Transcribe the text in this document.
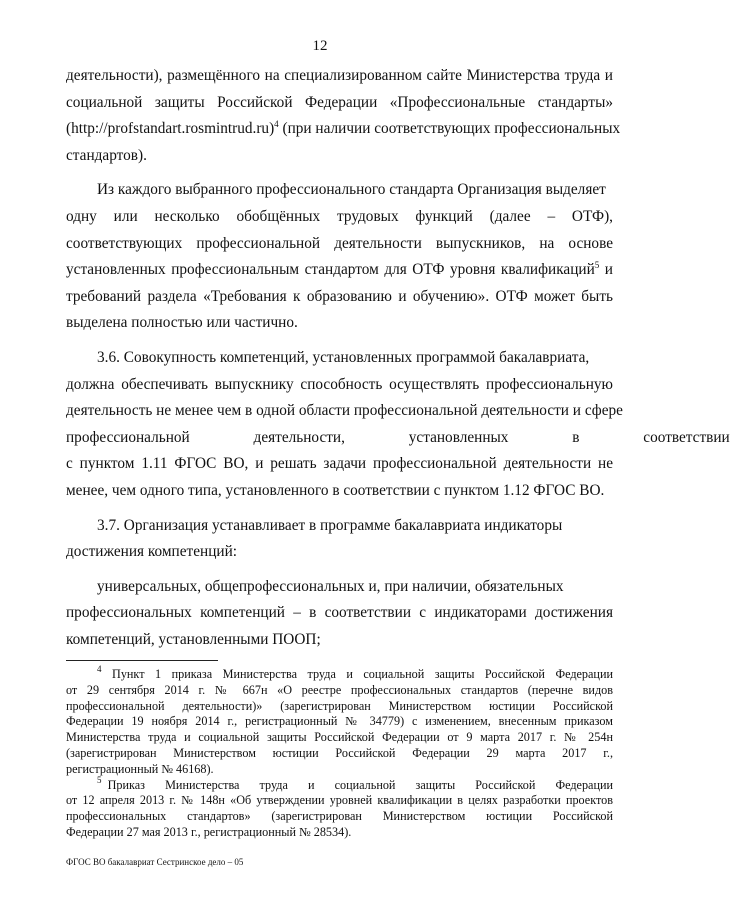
12
деятельности), размещённого на специализированном сайте Министерства труда и
социальной защиты Российской Федерации «Профессиональные стандарты»
(http://profstandart.rosmintrud.ru)$^4$ (при наличии соответствующих профессиональных
стандартов).
Из каждого выбранного профессионального стандарта Организация выделяет
одну или несколько обобщённых трудовых функций (далее – ОТФ),
соответствующих профессиональной деятельности выпускников, на основе
установленных профессиональным стандартом для ОТФ уровня квалификаций$^5$ и
требований раздела «Требования к образованию и обучению». ОТФ может быть
выделена полностью или частично.
3.6. Совокупность компетенций, установленных программой бакалавриата,
должна обеспечивать выпускнику способность осуществлять профессиональную
деятельность не менее чем в одной области профессиональной деятельности и сфере
профессиональной деятельности, установленных в соответствии
с пунктом 1.11 ФГОС ВО, и решать задачи профессиональной деятельности не
менее, чем одного типа, установленного в соответствии с пунктом 1.12 ФГОС ВО.
3.7. Организация устанавливает в программе бакалавриата индикаторы
достижения компетенций:
универсальных, общепрофессиональных и, при наличии, обязательных
профессиональных компетенций – в соответствии с индикаторами достижения
компетенций, установленными ПООП;
$^4$ Пункт 1 приказа Министерства труда и социальной защиты Российской Федерации
от 29 сентября 2014 г. № 667н «О реестре профессиональных стандартов (перечне видов
профессиональной деятельности)» (зарегистрирован Министерством юстиции Российской
Федерации 19 ноября 2014 г., регистрационный № 34779) с изменением, внесенным приказом
Министерства труда и социальной защиты Российской Федерации от 9 марта 2017 г. № 254н
(зарегистрирован Министерством юстиции Российской Федерации 29 марта 2017 г.,
регистрационный № 46168).
$^5$ Приказ Министерства труда и социальной защиты Российской Федерации
от 12 апреля 2013 г. № 148н «Об утверждении уровней квалификации в целях разработки проектов
профессиональных стандартов» (зарегистрирован Министерством юстиции Российской
Федерации 27 мая 2013 г., регистрационный № 28534).
ФГОС ВО бакалавриат Сестринское дело – 05
